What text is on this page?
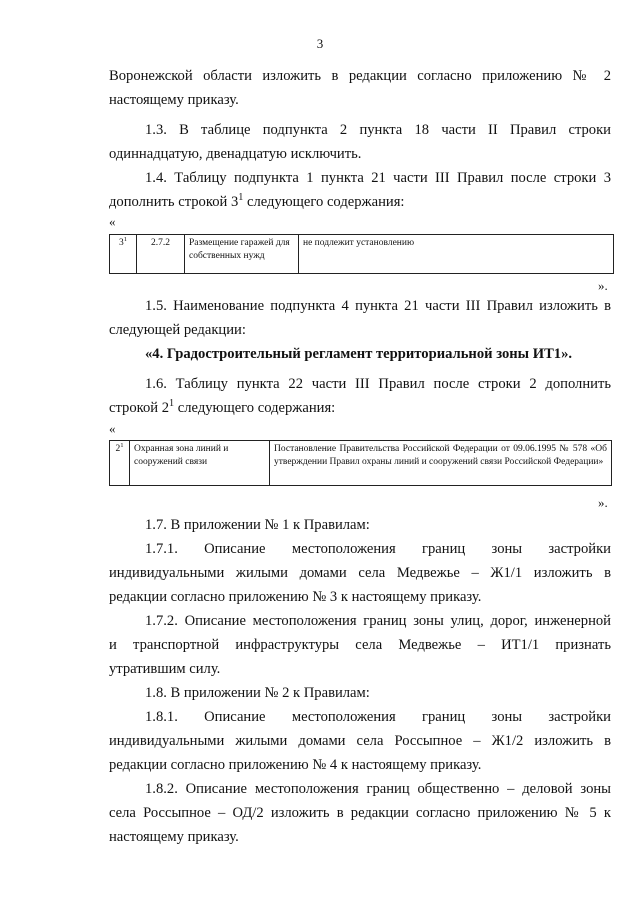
3
Воронежской области изложить в редакции согласно приложению № 2
настоящему приказу.
1.3. В таблице подпункта 2 пункта 18 части II Правил строки
одиннадцатую, двенадцатую исключить.
1.4. Таблицу подпункта 1 пункта 21 части III Правил после строки 3
дополнить строкой $3^1$ следующего содержания:
«
$3^1$	2.7.2	Размещение гаражей для собственных нужд	не подлежит установлению
».
1.5. Наименование подпункта 4 пункта 21 части III Правил изложить в
следующей редакции:
«4. Градостроительный регламент территориальной зоны ИТ1».
1.6. Таблицу пункта 22 части III Правил после строки 2 дополнить
строкой $2^1$ следующего содержания:
«
$2^1$	Охранная зона линий и сооружений связи	Постановление Правительства Российской Федерации от 09.06.1995 № 578 «Об утверждении Правил охраны линий и сооружений связи Российской Федерации»
».
1.7. В приложении № 1 к Правилам:
1.7.1. Описание местоположения границ зоны застройки
индивидуальными жилыми домами села Медвежье – Ж1/1 изложить в
редакции согласно приложению № 3 к настоящему приказу.
1.7.2. Описание местоположения границ зоны улиц, дорог, инженерной
и транспортной инфраструктуры села Медвежье – ИТ1/1 признать
утратившим силу.
1.8. В приложении № 2 к Правилам:
1.8.1. Описание местоположения границ зоны застройки
индивидуальными жилыми домами села Россыпное – Ж1/2 изложить в
редакции согласно приложению № 4 к настоящему приказу.
1.8.2. Описание местоположения границ общественно – деловой зоны
села Россыпное – ОД/2 изложить в редакции согласно приложению № 5 к
настоящему приказу.
